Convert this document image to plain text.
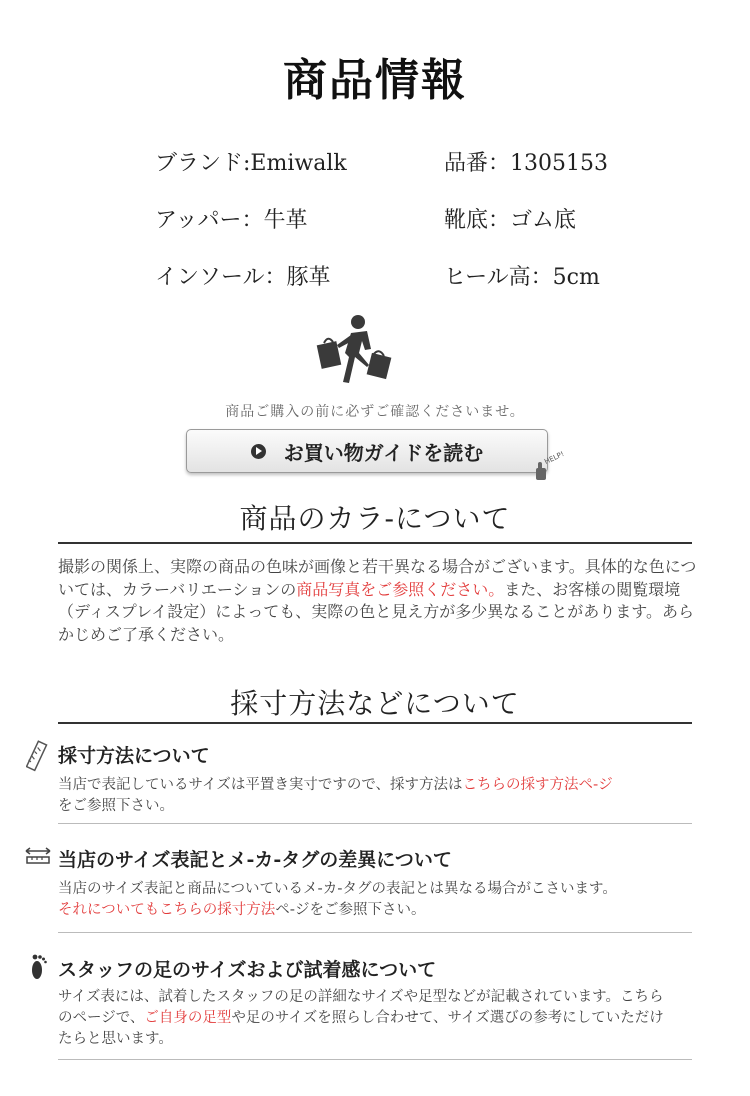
商品情報
ブランド:Emiwalk	品番：1305153
アッパー：牛革	靴底：ゴム底
インソール：豚革	ヒール高：5cm
商品ご購入の前に必ずご確認くださいませ。
お買い物ガイドを読む	HELP!
商品のカラ-について
撮影の関係上、実際の商品の色味が画像と若干異なる場合がございます。具体的な色については、カラーバリエーションの商品写真をご参照ください。また、お客様の閲覧環境（ディスプレイ設定）によっても、実際の色と見え方が多少異なることがあります。あらかじめご了承ください。
採寸方法などについて
採寸方法について
当店で表記しているサイズは平置き実寸ですので、採す方法はこちらの採す方法ペ-ジ
をご参照下さい。
当店のサイズ表記とメ-カ-タグの差異について
当店のサイズ表記と商品についているメ-カ-タグの表記とは異なる場合がこさいます。
それについてもこちらの採寸方法ペ-ジをご参照下さい。
スタッフの足のサイズおよび試着感について
サイズ表には、試着したスタッフの足の詳細なサイズや足型などが記載されています。こちらのページで、ご自身の足型や足のサイズを照らし合わせて、サイズ選びの参考にしていただけたらと思います。
